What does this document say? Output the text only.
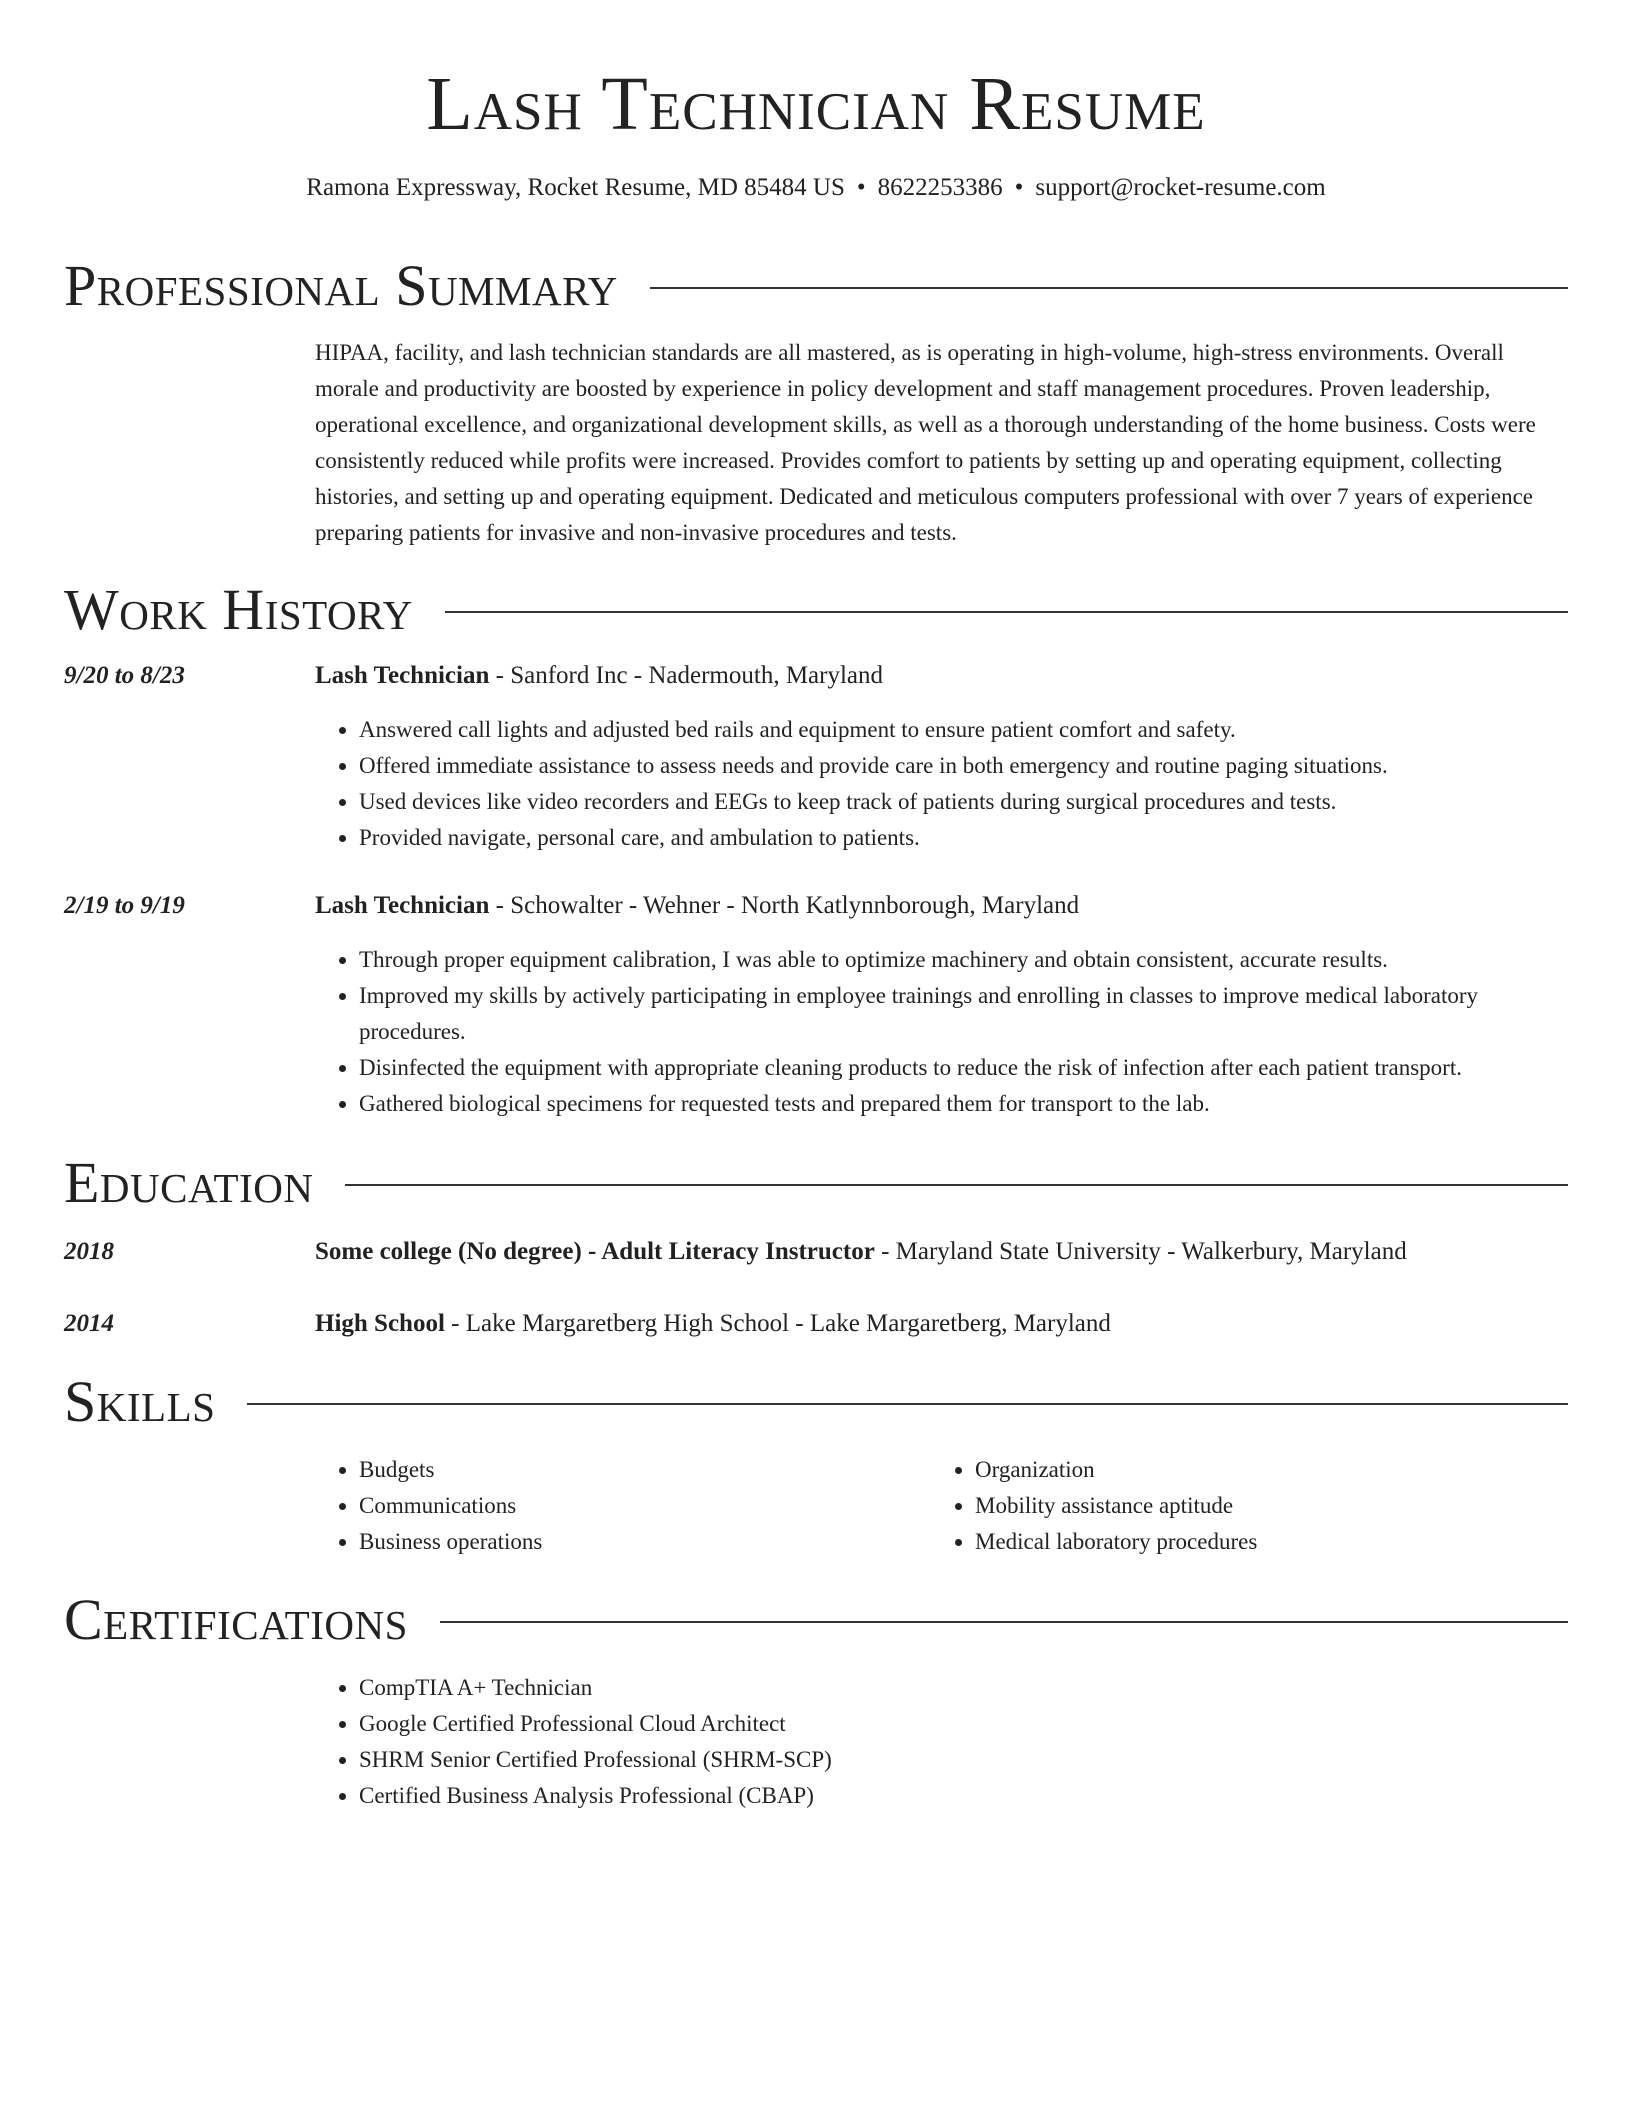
Lash Technician Resume
Ramona Expressway, Rocket Resume, MD 85484 US • 8622253386 • support@rocket-resume.com
Professional Summary

HIPAA, facility, and lash technician standards are all mastered, as is operating in high-volume, high-stress environments. Overall morale and productivity are boosted by experience in policy development and staff management procedures. Proven leadership, operational excellence, and organizational development skills, as well as a thorough understanding of the home business. Costs were consistently reduced while profits were increased. Provides comfort to patients by setting up and operating equipment, collecting histories, and setting up and operating equipment. Dedicated and meticulous computers professional with over 7 years of experience preparing patients for invasive and non-invasive procedures and tests.

Work History
9/20 to 8/23	Lash Technician - Sanford Inc - Nadermouth, Maryland
• Answered call lights and adjusted bed rails and equipment to ensure patient comfort and safety.
• Offered immediate assistance to assess needs and provide care in both emergency and routine paging situations.
• Used devices like video recorders and EEGs to keep track of patients during surgical procedures and tests.
• Provided navigate, personal care, and ambulation to patients.
2/19 to 9/19	Lash Technician - Schowalter - Wehner - North Katlynnborough, Maryland
• Through proper equipment calibration, I was able to optimize machinery and obtain consistent, accurate results.
• Improved my skills by actively participating in employee trainings and enrolling in classes to improve medical laboratory procedures.
• Disinfected the equipment with appropriate cleaning products to reduce the risk of infection after each patient transport.
• Gathered biological specimens for requested tests and prepared them for transport to the lab.
Education
2018	Some college (No degree) - Adult Literacy Instructor - Maryland State University - Walkerbury, Maryland
2014	High School - Lake Margaretberg High School - Lake Margaretberg, Maryland
Skills
• Budgets
• Communications
• Business operations
• Organization
• Mobility assistance aptitude
• Medical laboratory procedures
Certifications
• CompTIA A+ Technician
• Google Certified Professional Cloud Architect
• SHRM Senior Certified Professional (SHRM-SCP)
• Certified Business Analysis Professional (CBAP)
